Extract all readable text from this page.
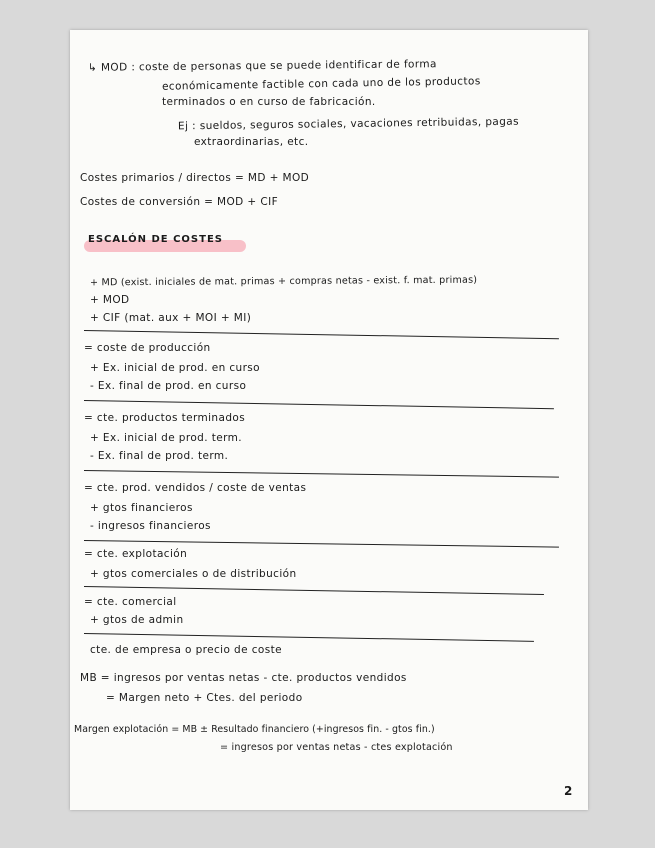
↳ MOD : coste de personas que se puede identificar de forma
económicamente factible con cada uno de los productos
terminados o en curso de fabricación.
Ej : sueldos, seguros sociales, vacaciones retribuidas, pagas
extraordinarias, etc.
Costes primarios / directos = MD + MOD
Costes de conversión = MOD + CIF
ESCALÓN DE COSTES
+ MD (exist. iniciales de mat. primas + compras netas - exist. f. mat. primas)
+ MOD
+ CIF (mat. aux + MOI + MI)
= coste de producción
+ Ex. inicial de prod. en curso
- Ex. final de prod. en curso
= cte. productos terminados
+ Ex. inicial de prod. term.
- Ex. final de prod. term.
= cte. prod. vendidos / coste de ventas
+ gtos financieros
- ingresos financieros
= cte. explotación
+ gtos comerciales o de distribución
= cte. comercial
+ gtos de admin
cte. de empresa o precio de coste
MB = ingresos por ventas netas - cte. productos vendidos
= Margen neto + Ctes. del periodo
Margen explotación = MB ± Resultado financiero (+ingresos fin. - gtos fin.)
= ingresos por ventas netas - ctes explotación
2
